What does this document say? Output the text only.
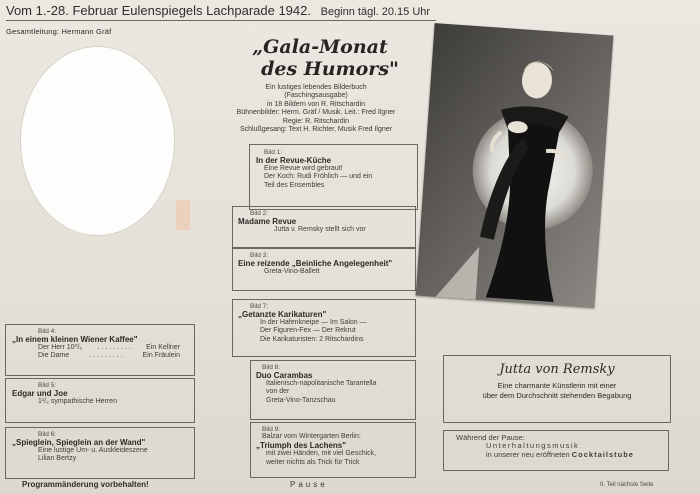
Vom 1.-28. Februar Eulenspiegels Lachparade 1942. Beginn tägl. 20.15 Uhr
Gesamtleitung: Hermann Gräf
„Gala-Monat
des Humors"
Ein lustiges lebendes Bilderbuch
(Faschingsausgabe)
in 18 Bildern von R. Ritschardin
Bühnenbilder: Herm. Gräf / Musik. Leit.: Fred Ilgner
Regie: R. Ritschardin
Schlußgesang: Text H. Richter, Musik Fred Ilgner
Bild 1:
In der Revue-Küche
Eine Revue wird gebraut!
Der Koch: Rudi Fröhlich — und ein
Teil des Ensembles
Bild 2:
Madame Revue
Jutta v. Remsky stellt sich vor
Bild 3:
Eine reizende „Beinliche Angelegenheit"
Greta-Vino-Ballett
Bild 7:
„Getanzte Karikaturen"
In der Hafenkneipe — Im Salon —
Der Figuren-Fex — Der Rekrut
Die Karikaturisten: 2 Ritschardins
Bild 8:
Duo Carambas
Italienisch-napolitanische Tarantella
von der
Greta-Vino-Tanzschau
Bild 9:
Balzar vom Wintergarten Berlin:
„Triumph des Lachens"
mit zwei Händen, mit viel Geschick,
weiter nichts als Trick für Trick
Bild 4:
„In einem kleinen Wiener Kaffee"
Der Herr 10⁰/₀ . . . . . . . . . Ein Kellner
Die Dame	. . . . . . . . .	Ein Fräulein
Bild 5:
Edgar und Joe
1¹/₂ sympathische Herren
Bild 6:
„Spieglein, Spieglein an der Wand"
Eine lustige Um- u. Auskleideszene
Lilian Bertzy
Programmänderung vorbehalten!
Jutta von Remsky
Eine charmante Künstlerin mit einer
über dem Durchschnitt stehenden Begabung
Während der Pause:
Unterhaltungsmusik
in unserer neu eröffneten Cocktailstube
Pause	II. Teil nächste Seite
